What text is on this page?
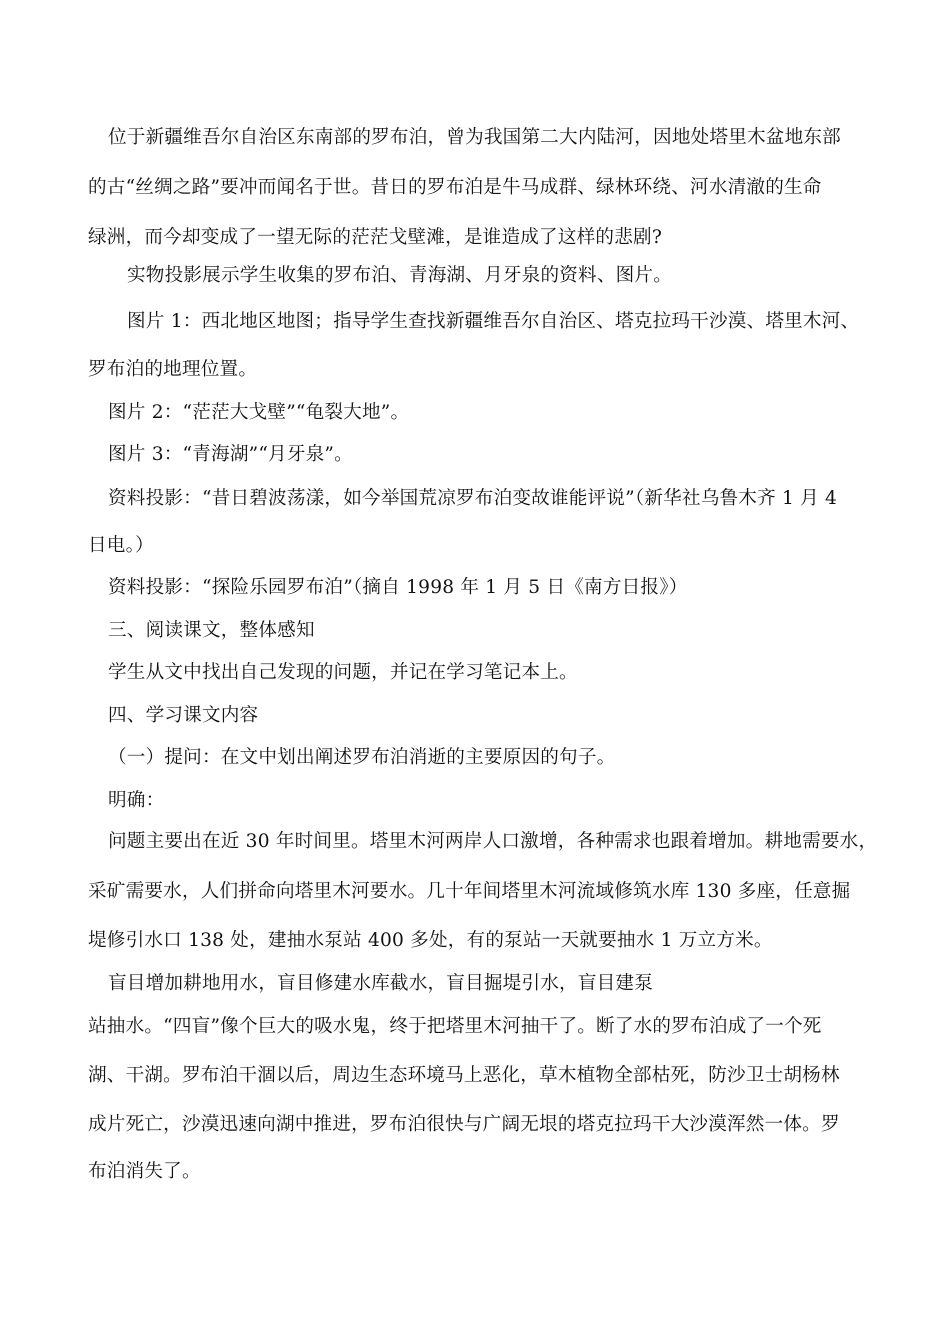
位于新疆维吾尔自治区东南部的罗布泊，曾为我国第二大内陆河，因地处塔里木盆地东部
的古“丝绸之路”要冲而闻名于世。昔日的罗布泊是牛马成群、绿林环绕、河水清澈的生命
绿洲，而今却变成了一望无际的茫茫戈壁滩，是谁造成了这样的悲剧?
实物投影展示学生收集的罗布泊、青海湖、月牙泉的资料、图片。
图片 1：西北地区地图；指导学生查找新疆维吾尔自治区、塔克拉玛干沙漠、塔里木河、
罗布泊的地理位置。
图片 2：“茫茫大戈壁”“龟裂大地”。
图片 3：“青海湖”“月牙泉”。
资料投影：“昔日碧波荡漾，如今举国荒凉罗布泊变故谁能评说”（新华社乌鲁木齐 1 月 4
日电。）
资料投影：“探险乐园罗布泊”（摘自 1998 年 1 月 5 日《南方日报》）
三、阅读课文，整体感知
学生从文中找出自己发现的问题，并记在学习笔记本上。
四、学习课文内容
（一）提问：在文中划出阐述罗布泊消逝的主要原因的句子。
明确：
问题主要出在近 30 年时间里。塔里木河两岸人口激增，各种需求也跟着增加。耕地需要水，
采矿需要水，人们拼命向塔里木河要水。几十年间塔里木河流域修筑水库 130 多座，任意掘
堤修引水口 138 处，建抽水泵站 400 多处，有的泵站一天就要抽水 1 万立方米。
盲目增加耕地用水，盲目修建水库截水，盲目掘堤引水，盲目建泵
站抽水。“四盲”像个巨大的吸水鬼，终于把塔里木河抽干了。断了水的罗布泊成了一个死
湖、干湖。罗布泊干涸以后，周边生态环境马上恶化，草木植物全部枯死，防沙卫士胡杨林
成片死亡，沙漠迅速向湖中推进，罗布泊很快与广阔无垠的塔克拉玛干大沙漠浑然一体。罗
布泊消失了。
